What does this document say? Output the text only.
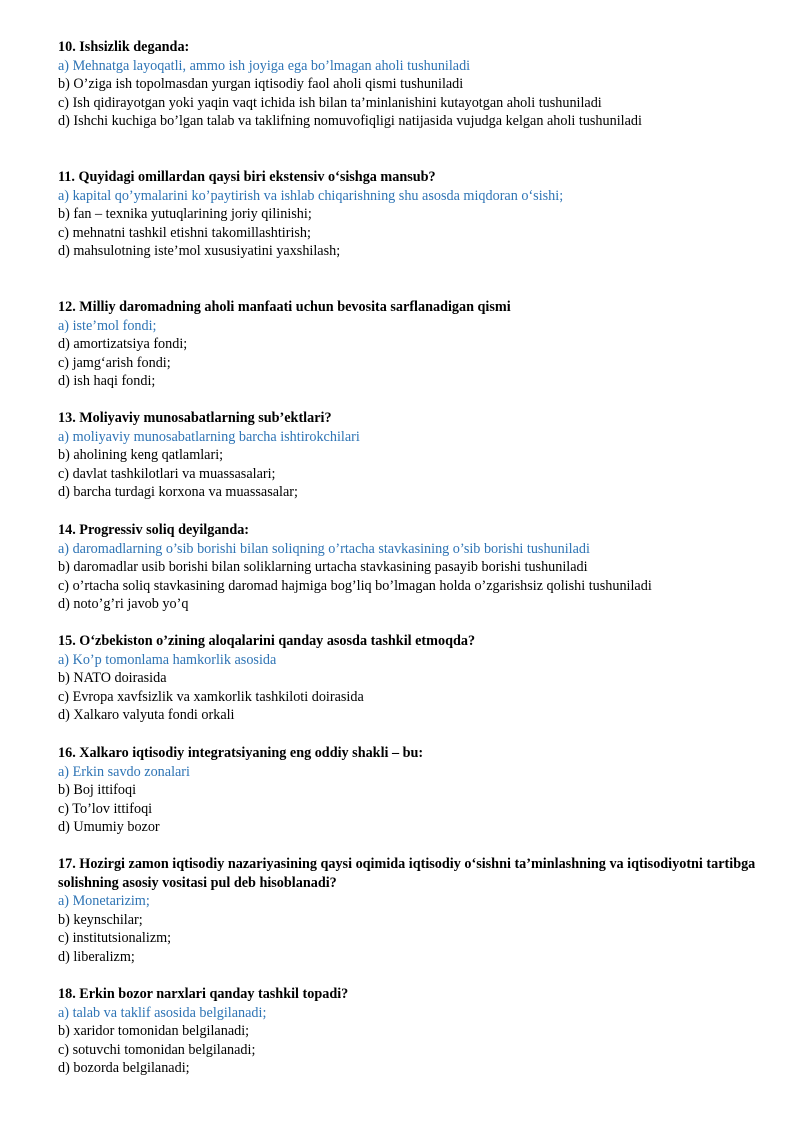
10. Ishsizlik deganda:

a) Mehnatga layoqatli, ammo ish joyiga ega bo’lmagan aholi tushuniladi

b) O’ziga ish topolmasdan yurgan iqtisodiy faol aholi qismi tushuniladi

c) Ish qidirayotgan yoki yaqin vaqt ichida ish bilan ta’minlanishini kutayotgan aholi tushuniladi

d) Ishchi kuchiga bo’lgan talab va taklifning nomuvofiqligi natijasida vujudga kelgan aholi tushuniladi

11. Quyidagi omillardan qaysi biri ekstensiv o‘sishga mansub?

a) kapital qo’ymalarini ko’paytirish va ishlab chiqarishning shu asosda miqdoran o‘sishi;

b) fan – texnika yutuqlarining joriy qilinishi;

c) mehnatni tashkil etishni takomillashtirish;

d) mahsulotning iste’mol xususiyatini yaxshilash;

12. Milliy daromadning aholi manfaati uchun bevosita sarflanadigan qismi

a) iste’mol fondi;

d) amortizatsiya fondi;

c) jamg‘arish fondi;

d) ish haqi fondi;

13. Moliyaviy munosabatlarning sub’ektlari?

a) moliyaviy munosabatlarning barcha ishtirokchilari

b) aholining keng qatlamlari;

c) davlat tashkilotlari va muassasalari;

d) barcha turdagi korxona va muassasalar;

14. Progressiv soliq deyilganda:

a) daromadlarning o’sib borishi bilan soliqning o’rtacha stavkasining o’sib borishi tushuniladi

b) daromadlar usib borishi bilan soliklarning urtacha stavkasining pasayib borishi tushuniladi

c) o’rtacha soliq stavkasining daromad hajmiga bog’liq bo’lmagan holda o’zgarishsiz qolishi tushuniladi

d) noto’g’ri javob yo’q

15. O‘zbekiston o’zining aloqalarini qanday asosda tashkil etmoqda?

a) Ko’p tomonlama hamkorlik asosida

b) NATO doirasida

c) Evropa xavfsizlik va xamkorlik tashkiloti doirasida

d) Xalkaro valyuta fondi orkali

16. Xalkaro iqtisodiy integratsiyaning eng oddiy shakli – bu:

a) Erkin savdo zonalari

b) Boj ittifoqi

c) To’lov ittifoqi

d) Umumiy bozor

17. Hozirgi zamon iqtisodiy nazariyasining qaysi oqimida iqtisodiy o‘sishni ta’minlashning va iqtisodiyotni tartibga solishning asosiy vositasi pul deb hisoblanadi?

a) Monetarizim;

b) keynschilar;

c) institutsionalizm;

d) liberalizm;

18. Erkin bozor narxlari qanday tashkil topadi?

a) talab va taklif asosida belgilanadi;

b) xaridor tomonidan belgilanadi;

c) sotuvchi tomonidan belgilanadi;

d) bozorda belgilanadi;
